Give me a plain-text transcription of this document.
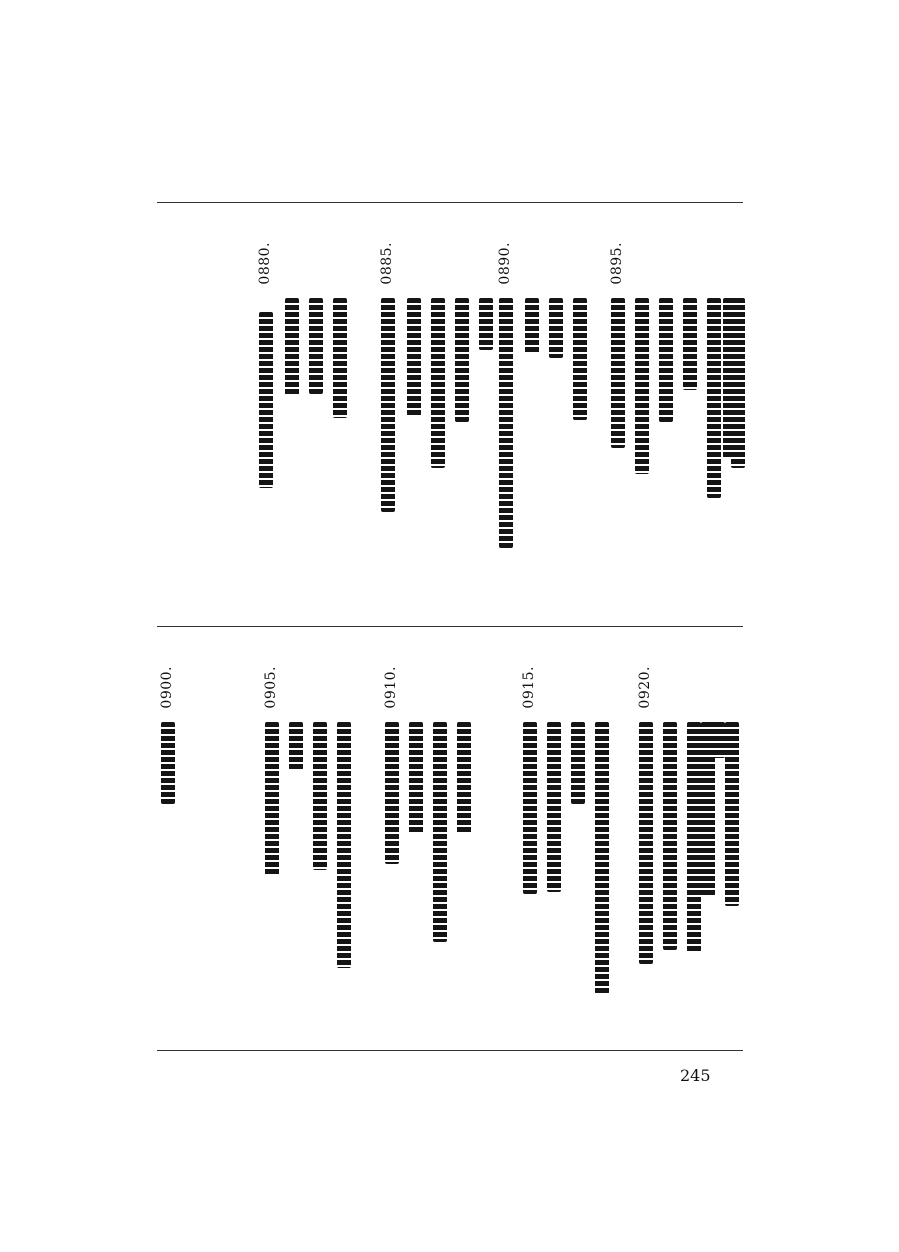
0880.	0885.	0890.	0895.
0900.	0905.	0910.	0915.	0920.
245
